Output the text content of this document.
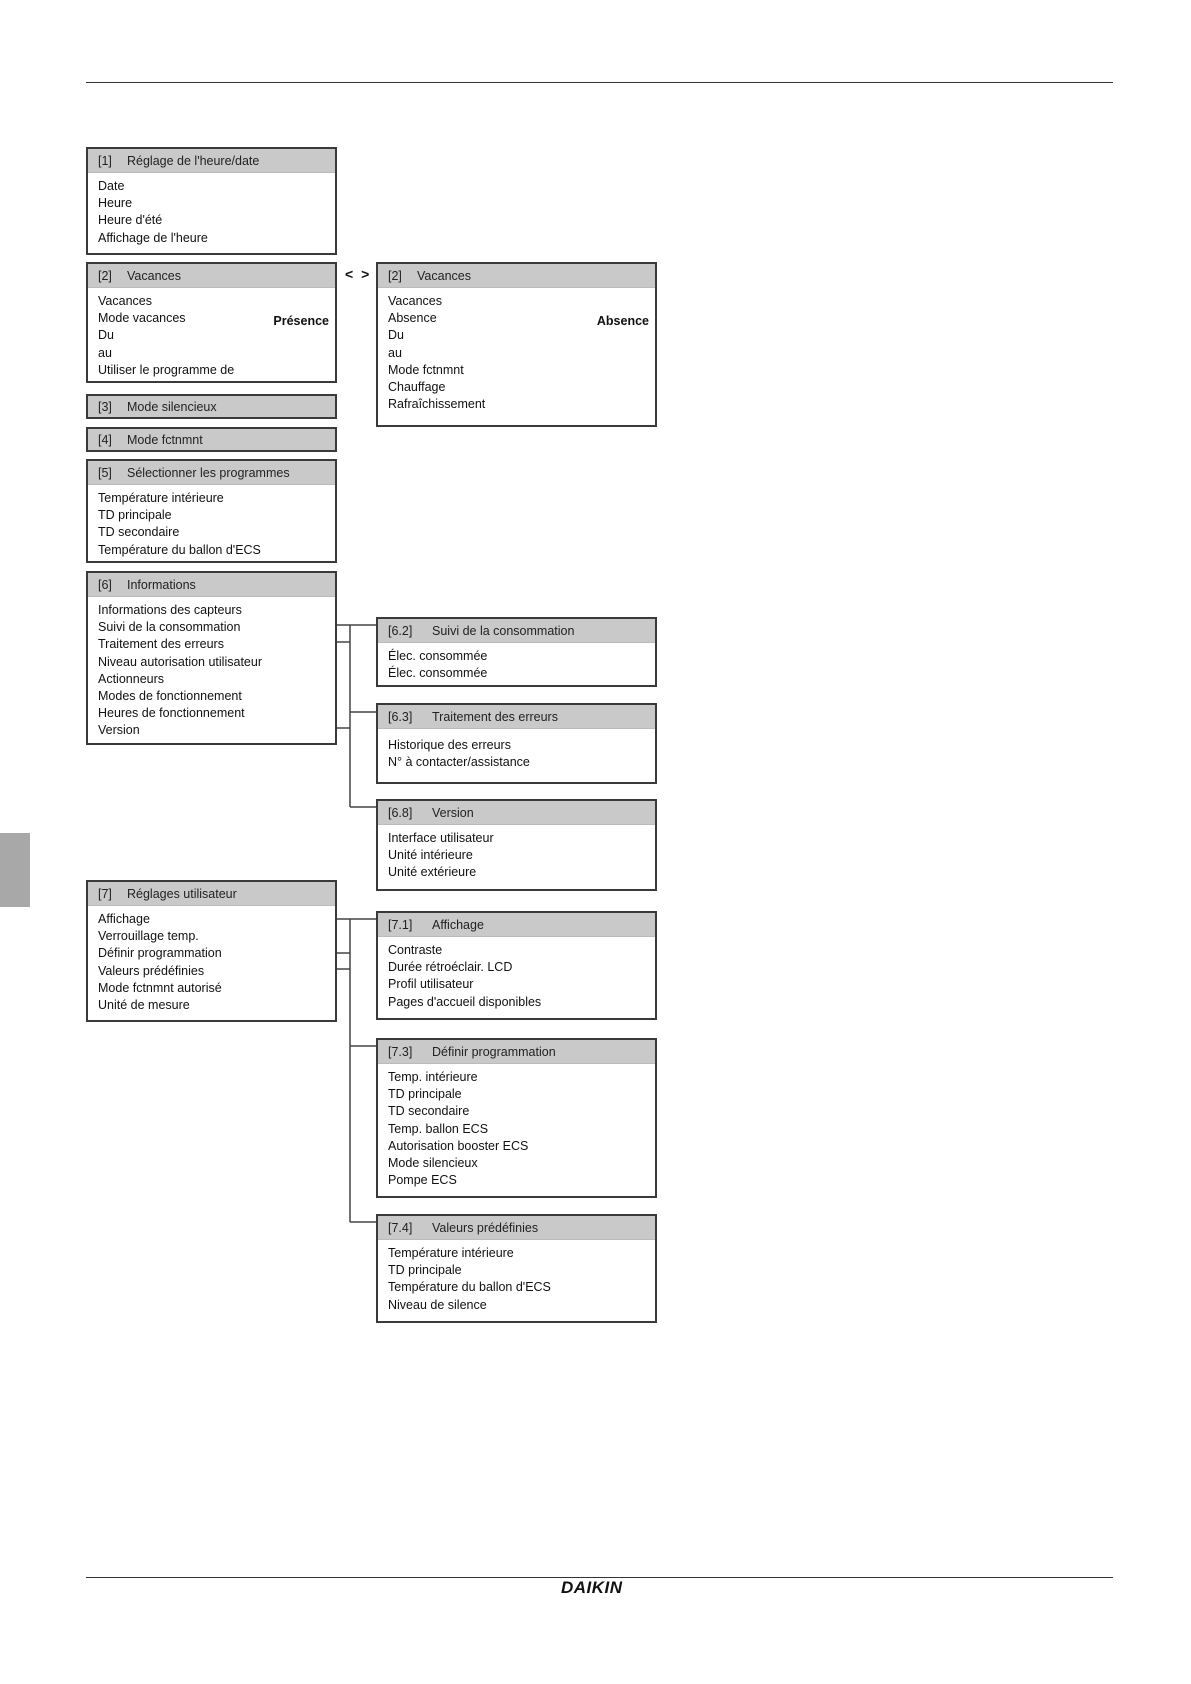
[1]	Réglage de l'heure/date
Date
Heure
Heure d'été
Affichage de l'heure
[2]	Vacances
Vacances
Mode vacances
Du
au
Utiliser le programme de
Présence
< > [2]	Vacances
Vacances
Absence
Du
au
Mode fctnmnt
Chauffage
Rafraîchissement
Absence
[3]	Mode silencieux
[4]	Mode fctnmnt
[5]	Sélectionner les programmes
Température intérieure
TD principale
TD secondaire
Température du ballon d'ECS
[6]	Informations
Informations des capteurs
Suivi de la consommation
Traitement des erreurs
Niveau autorisation utilisateur
Actionneurs
Modes de fonctionnement
Heures de fonctionnement
Version
[6.2]	Suivi de la consommation
Élec. consommée
Élec. consommée
[6.3]	Traitement des erreurs
Historique des erreurs
N° à contacter/assistance
[6.8]	Version
Interface utilisateur
Unité intérieure
Unité extérieure
[7]	Réglages utilisateur
Affichage
Verrouillage temp.
Définir programmation
Valeurs prédéfinies
Mode fctnmnt autorisé
Unité de mesure
[7.1]	Affichage
Contraste
Durée rétroéclair. LCD
Profil utilisateur
Pages d'accueil disponibles
[7.3]	Définir programmation
Temp. intérieure
TD principale
TD secondaire
Temp. ballon ECS
Autorisation booster ECS
Mode silencieux
Pompe ECS
[7.4]	Valeurs prédéfinies
Température intérieure
TD principale
Température du ballon d'ECS
Niveau de silence
DAIKIN
